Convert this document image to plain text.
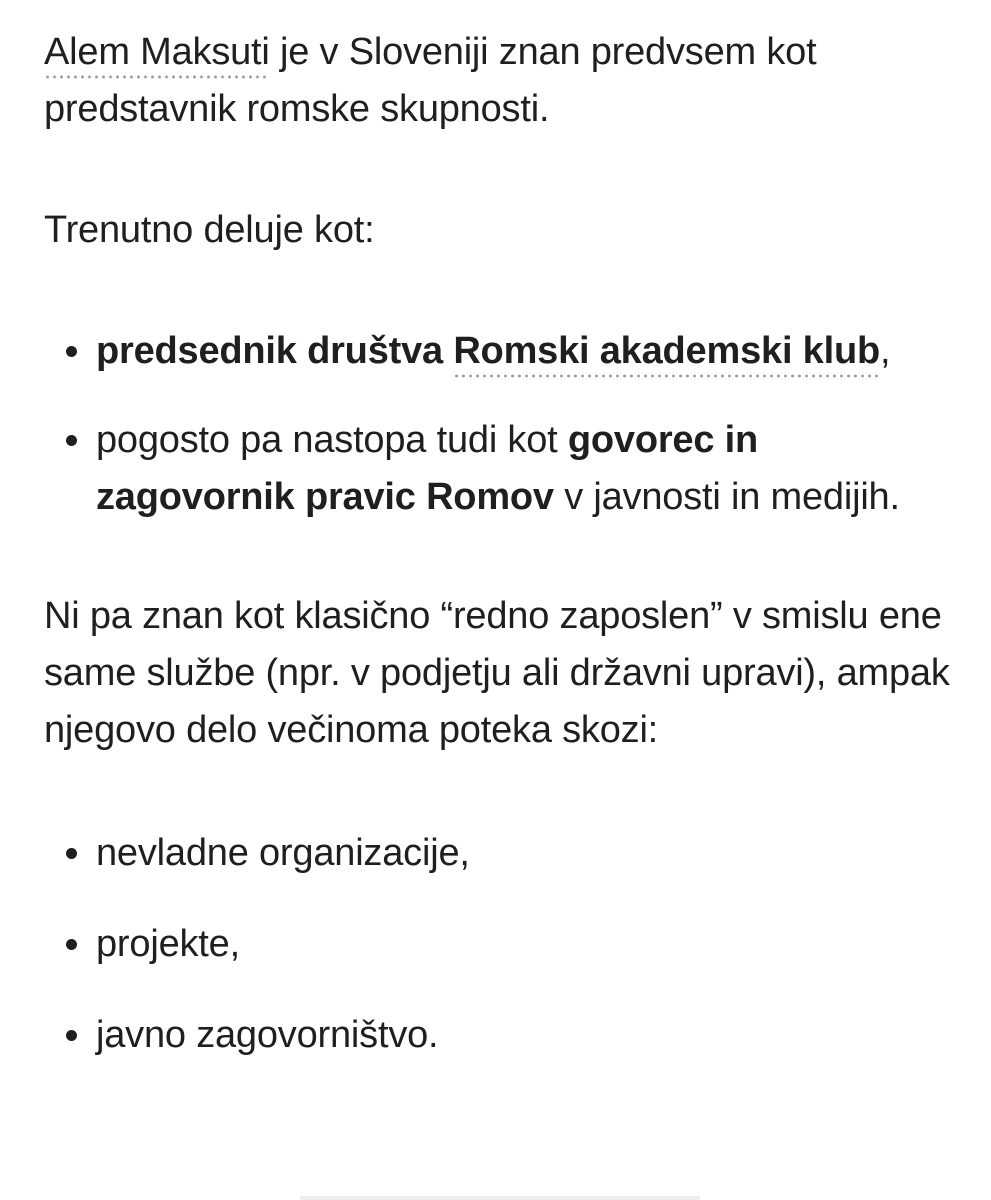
Alem Maksuti je v Sloveniji znan predvsem kot predstavnik romske skupnosti.

Trenutno deluje kot:

predsednik društva Romski akademski klub,
pogosto pa nastopa tudi kot govorec in zagovornik pravic Romov v javnosti in medijih.

Ni pa znan kot klasično “redno zaposlen” v smislu ene same službe (npr. v podjetju ali državni upravi), ampak njegovo delo večinoma poteka skozi:

nevladne organizacije,
projekte,
javno zagovorništvo.
